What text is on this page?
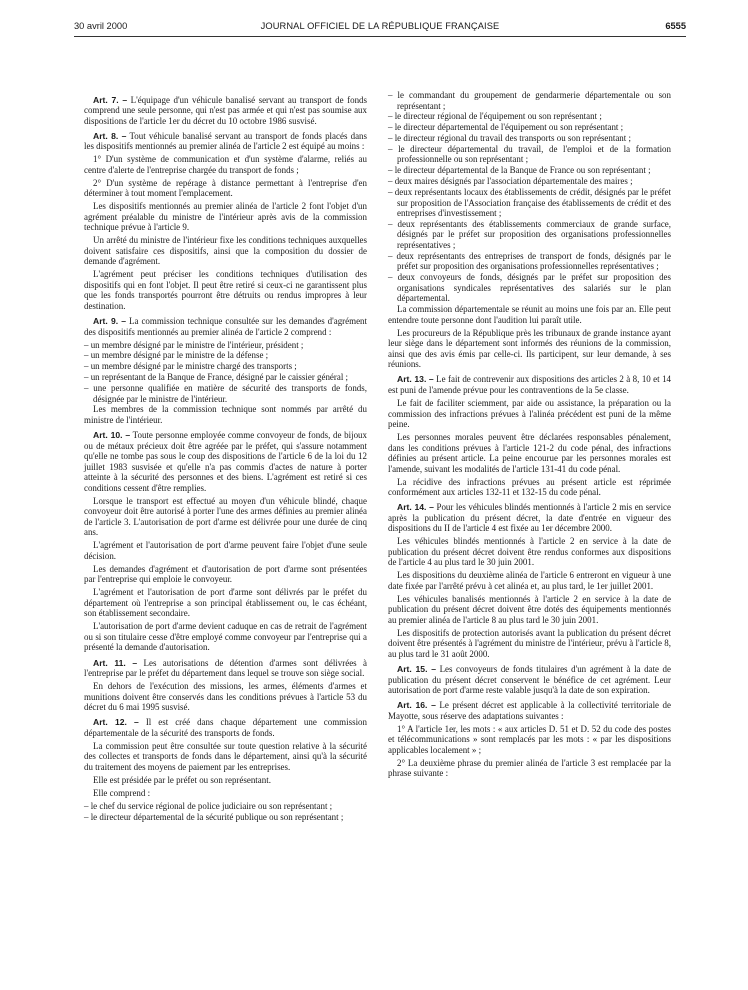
30 avril 2000	JOURNAL OFFICIEL DE LA RÉPUBLIQUE FRANÇAISE	6555

Art. 7. – L'équipage d'un véhicule banalisé servant au transport de fonds comprend une seule personne, qui n'est pas armée et qui n'est pas soumise aux dispositions de l'article 1er du décret du 10 octobre 1986 susvisé.

Art. 8. – Tout véhicule banalisé servant au transport de fonds placés dans les dispositifs mentionnés au premier alinéa de l'article 2 est équipé au moins :

1° D'un système de communication et d'un système d'alarme, reliés au centre d'alerte de l'entreprise chargée du transport de fonds ;

2° D'un système de repérage à distance permettant à l'entreprise d'en déterminer à tout moment l'emplacement.

Les dispositifs mentionnés au premier alinéa de l'article 2 font l'objet d'un agrément préalable du ministre de l'intérieur après avis de la commission technique prévue à l'article 9.

Un arrêté du ministre de l'intérieur fixe les conditions techniques auxquelles doivent satisfaire ces dispositifs, ainsi que la composition du dossier de demande d'agrément.

L'agrément peut préciser les conditions techniques d'utilisation des dispositifs qui en font l'objet. Il peut être retiré si ceux-ci ne garantissent plus que les fonds transportés pourront être détruits ou rendus impropres à leur destination.

Art. 9. – La commission technique consultée sur les demandes d'agrément des dispositifs mentionnés au premier alinéa de l'article 2 comprend :

– un membre désigné par le ministre de l'intérieur, président ;

– un membre désigné par le ministre de la défense ;

– un membre désigné par le ministre chargé des transports ;

– un représentant de la Banque de France, désigné par le caissier général ;

– une personne qualifiée en matière de sécurité des transports de fonds, désignée par le ministre de l'intérieur.

Les membres de la commission technique sont nommés par arrêté du ministre de l'intérieur.

Art. 10. – Toute personne employée comme convoyeur de fonds, de bijoux ou de métaux précieux doit être agréée par le préfet, qui s'assure notamment qu'elle ne tombe pas sous le coup des dispositions de l'article 6 de la loi du 12 juillet 1983 susvisée et qu'elle n'a pas commis d'actes de nature à porter atteinte à la sécurité des personnes et des biens. L'agrément est retiré si ces conditions cessent d'être remplies.

Lorsque le transport est effectué au moyen d'un véhicule blindé, chaque convoyeur doit être autorisé à porter l'une des armes définies au premier alinéa de l'article 3. L'autorisation de port d'arme est délivrée pour une durée de cinq ans.

L'agrément et l'autorisation de port d'arme peuvent faire l'objet d'une seule décision.

Les demandes d'agrément et d'autorisation de port d'arme sont présentées par l'entreprise qui emploie le convoyeur.

L'agrément et l'autorisation de port d'arme sont délivrés par le préfet du département où l'entreprise a son principal établissement ou, le cas échéant, son établissement secondaire.

L'autorisation de port d'arme devient caduque en cas de retrait de l'agrément ou si son titulaire cesse d'être employé comme convoyeur par l'entreprise qui a présenté la demande d'autorisation.

Art. 11. – Les autorisations de détention d'armes sont délivrées à l'entreprise par le préfet du département dans lequel se trouve son siège social.

En dehors de l'exécution des missions, les armes, éléments d'armes et munitions doivent être conservés dans les conditions prévues à l'article 53 du décret du 6 mai 1995 susvisé.

Art. 12. – Il est créé dans chaque département une commission départementale de la sécurité des transports de fonds.

La commission peut être consultée sur toute question relative à la sécurité des collectes et transports de fonds dans le département, ainsi qu'à la sécurité du traitement des moyens de paiement par les entreprises.

Elle est présidée par le préfet ou son représentant.

Elle comprend :

– le chef du service régional de police judiciaire ou son représentant ;

– le directeur départemental de la sécurité publique ou son représentant ;

– le commandant du groupement de gendarmerie départementale ou son représentant ;

– le directeur régional de l'équipement ou son représentant ;

– le directeur départemental de l'équipement ou son représentant ;

– le directeur régional du travail des transports ou son représentant ;

– le directeur départemental du travail, de l'emploi et de la formation professionnelle ou son représentant ;

– le directeur départemental de la Banque de France ou son représentant ;

– deux maires désignés par l'association départementale des maires ;

– deux représentants locaux des établissements de crédit, désignés par le préfet sur proposition de l'Association française des établissements de crédit et des entreprises d'investissement ;

– deux représentants des établissements commerciaux de grande surface, désignés par le préfet sur proposition des organisations professionnelles représentatives ;

– deux représentants des entreprises de transport de fonds, désignés par le préfet sur proposition des organisations professionnelles représentatives ;

– deux convoyeurs de fonds, désignés par le préfet sur proposition des organisations syndicales représentatives des salariés sur le plan départemental.

La commission départementale se réunit au moins une fois par an. Elle peut entendre toute personne dont l'audition lui paraît utile.

Les procureurs de la République près les tribunaux de grande instance ayant leur siège dans le département sont informés des réunions de la commission, ainsi que des avis émis par celle-ci. Ils participent, sur leur demande, à ses réunions.

Art. 13. – Le fait de contrevenir aux dispositions des articles 2 à 8, 10 et 14 est puni de l'amende prévue pour les contraventions de la 5e classe.

Le fait de faciliter sciemment, par aide ou assistance, la préparation ou la commission des infractions prévues à l'alinéa précédent est puni de la même peine.

Les personnes morales peuvent être déclarées responsables pénalement, dans les conditions prévues à l'article 121-2 du code pénal, des infractions définies au présent article. La peine encourue par les personnes morales est l'amende, suivant les modalités de l'article 131-41 du code pénal.

La récidive des infractions prévues au présent article est réprimée conformément aux articles 132-11 et 132-15 du code pénal.

Art. 14. – Pour les véhicules blindés mentionnés à l'article 2 mis en service après la publication du présent décret, la date d'entrée en vigueur des dispositions du II de l'article 4 est fixée au 1er décembre 2000.

Les véhicules blindés mentionnés à l'article 2 en service à la date de publication du présent décret doivent être rendus conformes aux dispositions de l'article 4 au plus tard le 30 juin 2001.

Les dispositions du deuxième alinéa de l'article 6 entreront en vigueur à une date fixée par l'arrêté prévu à cet alinéa et, au plus tard, le 1er juillet 2001.

Les véhicules banalisés mentionnés à l'article 2 en service à la date de publication du présent décret doivent être dotés des équipements mentionnés au premier alinéa de l'article 8 au plus tard le 30 juin 2001.

Les dispositifs de protection autorisés avant la publication du présent décret doivent être présentés à l'agrément du ministre de l'intérieur, prévu à l'article 8, au plus tard le 31 août 2000.

Art. 15. – Les convoyeurs de fonds titulaires d'un agrément à la date de publication du présent décret conservent le bénéfice de cet agrément. Leur autorisation de port d'arme reste valable jusqu'à la date de son expiration.

Art. 16. – Le présent décret est applicable à la collectivité territoriale de Mayotte, sous réserve des adaptations suivantes :

1° A l'article 1er, les mots : « aux articles D. 51 et D. 52 du code des postes et télécommunications » sont remplacés par les mots : « par les dispositions applicables localement » ;

2° La deuxième phrase du premier alinéa de l'article 3 est remplacée par la phrase suivante :
